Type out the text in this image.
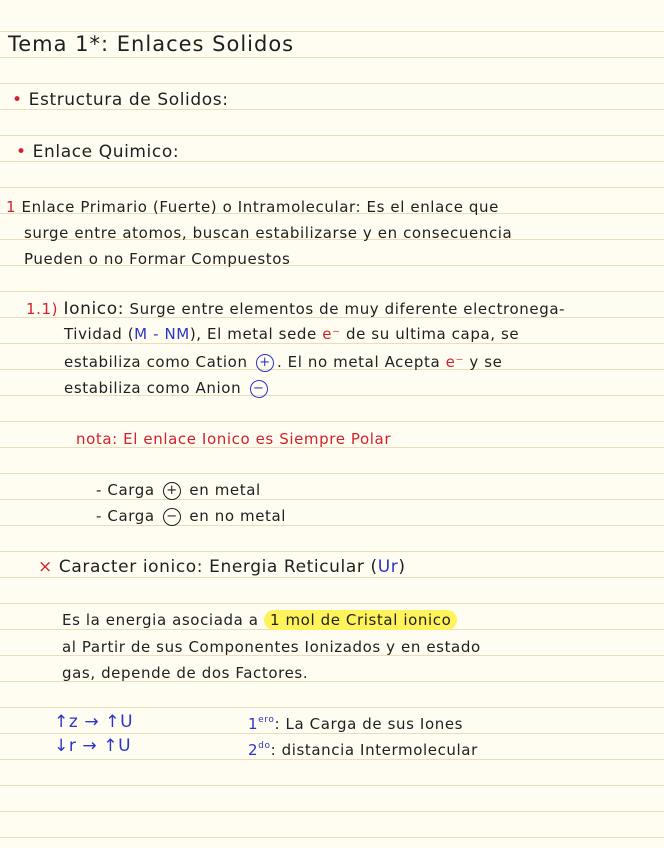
Tema 1*: Enlaces Solidos
• Estructura de Solidos:
• Enlace Quimico:
1 Enlace Primario (Fuerte) o Intramolecular: Es el enlace que
surge entre atomos, buscan estabilizarse y en consecuencia
Pueden o no Formar Compuestos
1.1) Ionico: Surge entre elementos de muy diferente electronega-
Tividad (M - NM), El metal sede e⁻ de su ultima capa, se
estabiliza como Cation + . El no metal Acepta e⁻ y se
estabiliza como Anion −
nota: El enlace Ionico es Siempre Polar
- Carga + en metal
- Carga − en no metal
× Caracter ionico: Energia Reticular (Ur)
Es la energia asociada a 1 mol de Cristal ionico
al Partir de sus Componentes Ionizados y en estado
gas, depende de dos Factores.
↑z → ↑U
↓r → ↑U
$1^{ero}$: La Carga de sus Iones
$2^{do}$: distancia Intermolecular
